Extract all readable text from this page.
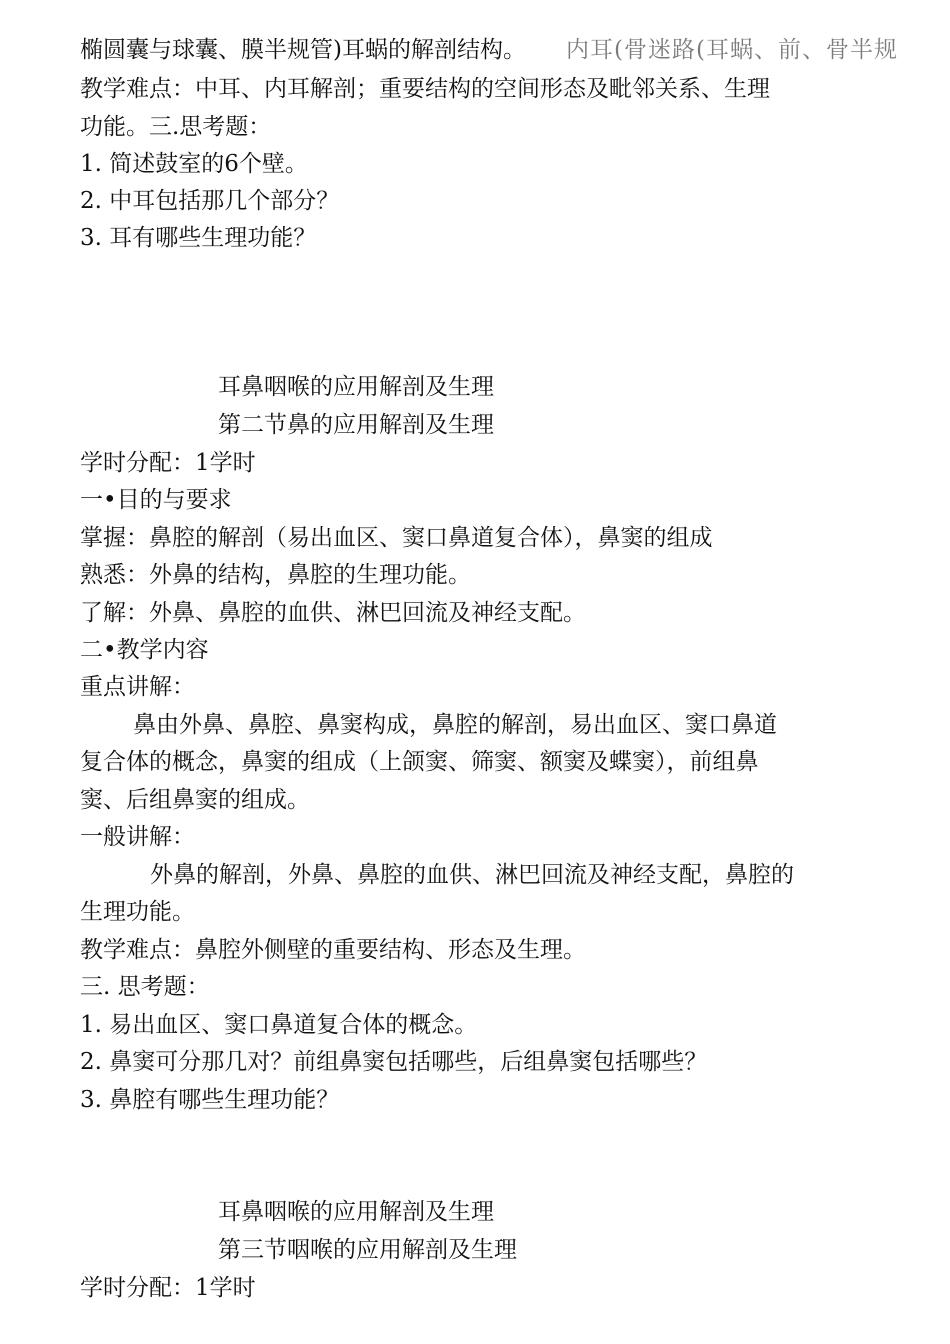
椭圆囊与球囊、膜半规管)耳蜗的解剖结构。 内耳(骨迷路(耳蜗、前、骨半规
教学难点：中耳、内耳解剖；重要结构的空间形态及毗邻关系、生理
功能。三.思考题：
1. 简述鼓室的6个壁。
2. 中耳包括那几个部分？
3. 耳有哪些生理功能？
耳鼻咽喉的应用解剖及生理
第二节鼻的应用解剖及生理
学时分配：1学时
一•目的与要求
掌握：鼻腔的解剖（易出血区、窦口鼻道复合体），鼻窦的组成
熟悉：外鼻的结构，鼻腔的生理功能。
了解：外鼻、鼻腔的血供、淋巴回流及神经支配。
二•教学内容
重点讲解：
鼻由外鼻、鼻腔、鼻窦构成，鼻腔的解剖，易出血区、窦口鼻道
复合体的概念，鼻窦的组成（上颌窦、筛窦、额窦及蝶窦），前组鼻
窦、后组鼻窦的组成。
一般讲解：
外鼻的解剖，外鼻、鼻腔的血供、淋巴回流及神经支配，鼻腔的
生理功能。
教学难点：鼻腔外侧壁的重要结构、形态及生理。
三. 思考题：
1. 易出血区、窦口鼻道复合体的概念。
2. 鼻窦可分那几对？前组鼻窦包括哪些，后组鼻窦包括哪些？
3. 鼻腔有哪些生理功能？
耳鼻咽喉的应用解剖及生理
第三节咽喉的应用解剖及生理
学时分配：1学时
